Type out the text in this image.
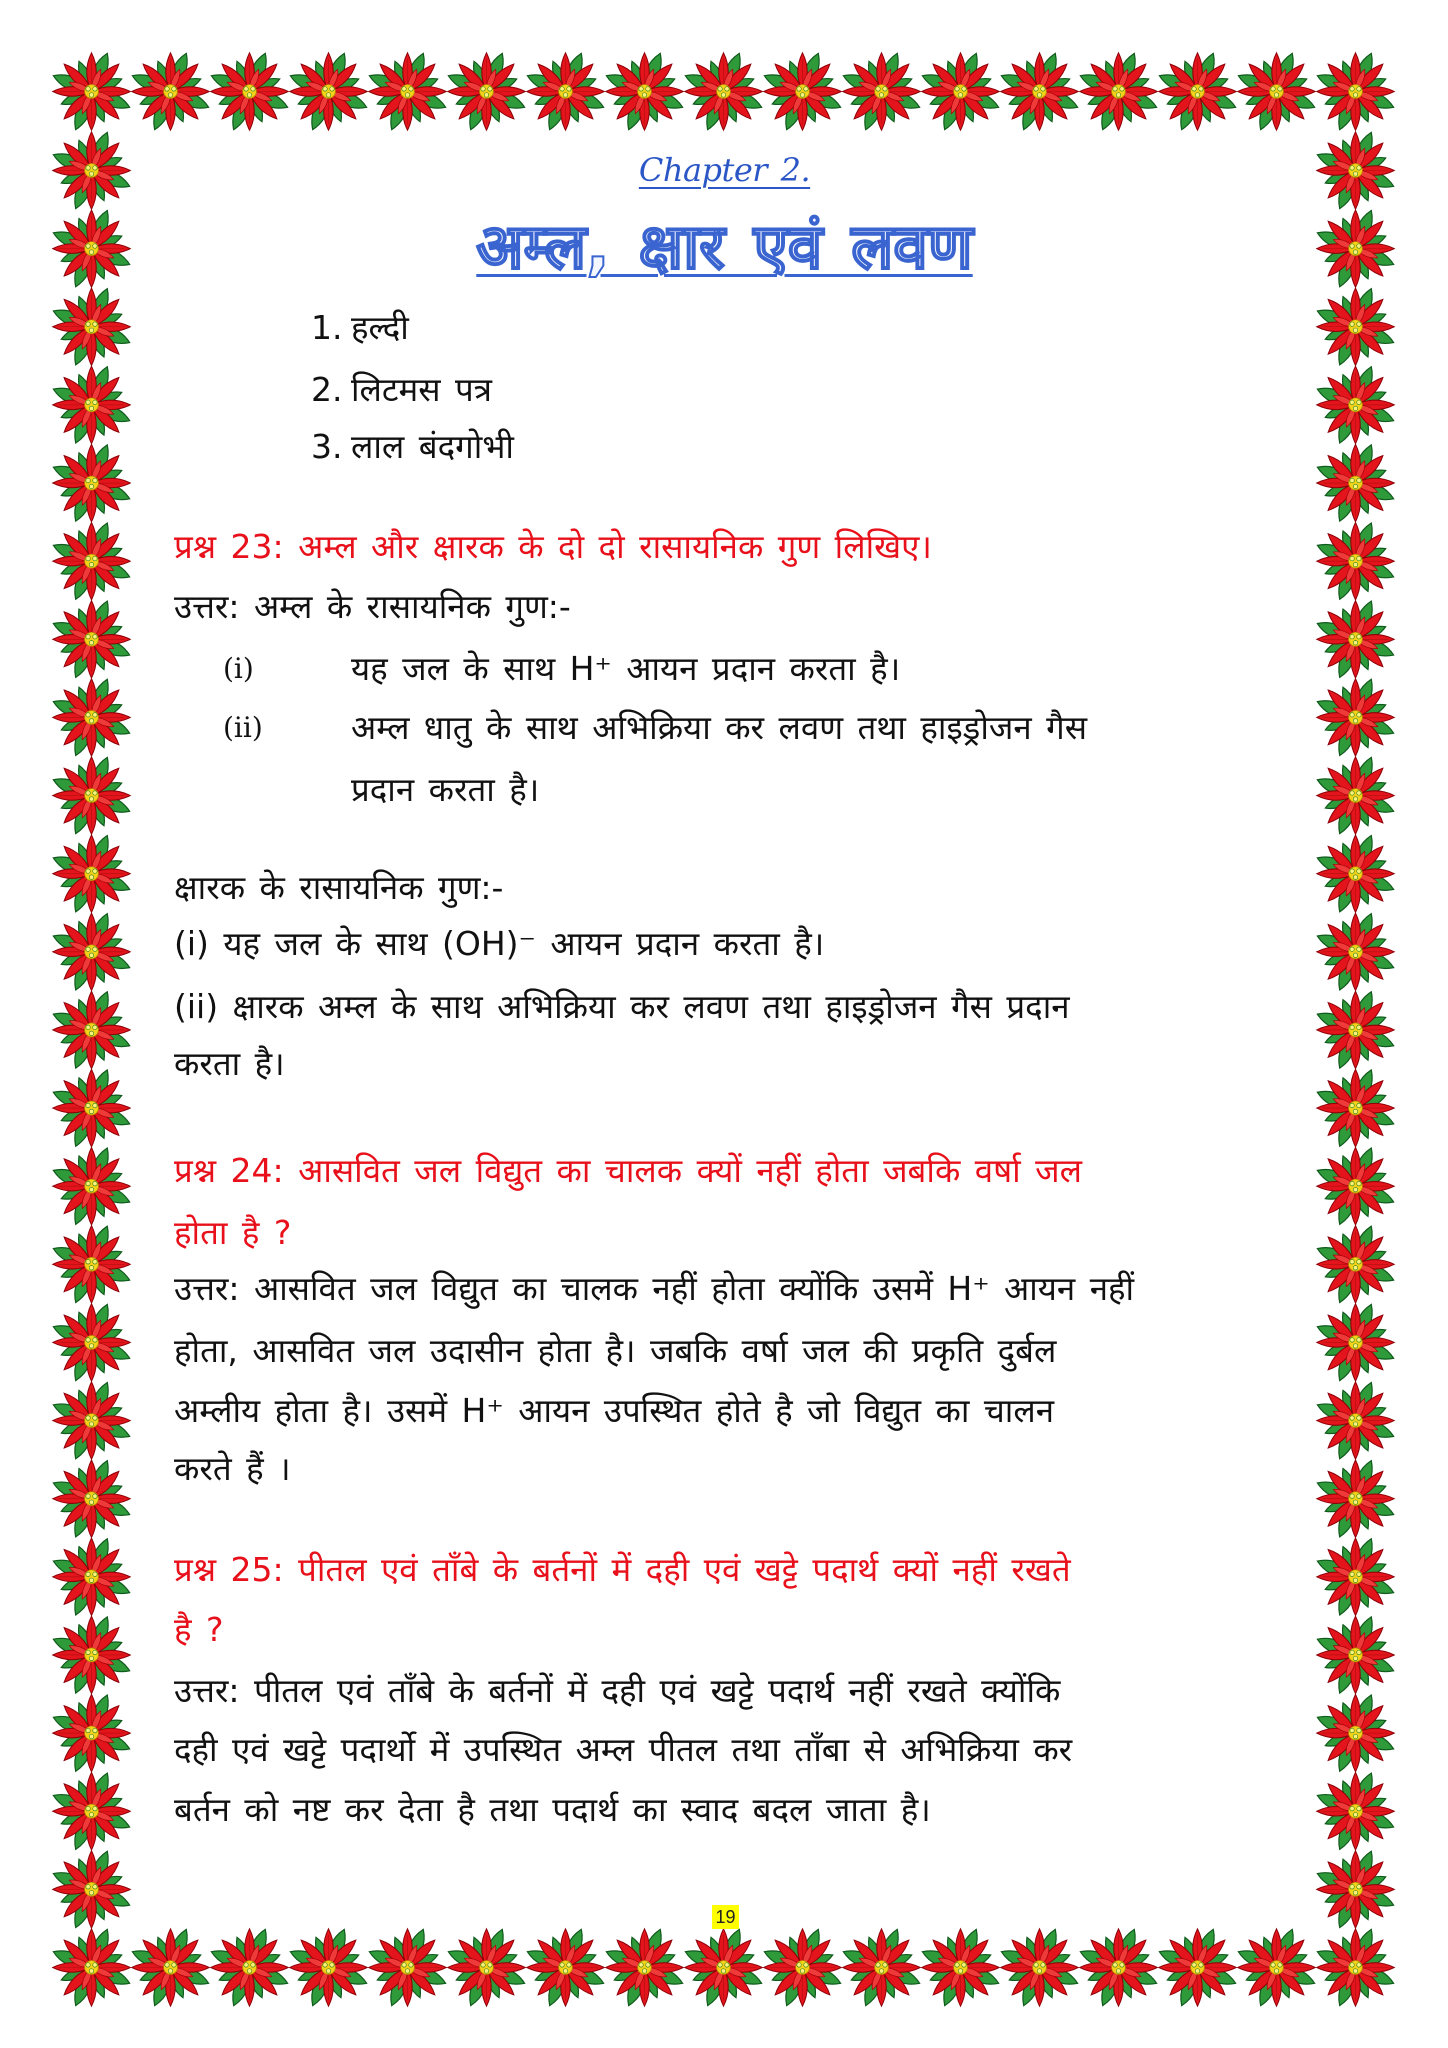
Chapter 2.
अम्ल, क्षार एवं लवण
1. हल्दी
2. लिटमस पत्र
3. लाल बंदगोभी
प्रश्न 23: अम्ल और क्षारक के दो दो रासायनिक गुण लिखिए।
उत्तर: अम्ल के रासायनिक गुण:-
(i)	यह जल के साथ H⁺ आयन प्रदान करता है।
(ii)	अम्ल धातु के साथ अभिक्रिया कर लवण तथा हाइड्रोजन गैस
प्रदान करता है।
क्षारक के रासायनिक गुण:-
(i) यह जल के साथ (OH)⁻ आयन प्रदान करता है।
(ii) क्षारक अम्ल के साथ अभिक्रिया कर लवण तथा हाइड्रोजन गैस प्रदान
करता है।
प्रश्न 24: आसवित जल विद्युत का चालक क्यों नहीं होता जबकि वर्षा जल
होता है ?
उत्तर: आसवित जल विद्युत का चालक नहीं होता क्योंकि उसमें H⁺ आयन नहीं
होता, आसवित जल उदासीन होता है। जबकि वर्षा जल की प्रकृति दुर्बल
अम्लीय होता है। उसमें H⁺ आयन उपस्थित होते है जो विद्युत का चालन
करते हैं ।
प्रश्न 25: पीतल एवं ताँबे के बर्तनों में दही एवं खट्टे पदार्थ क्यों नहीं रखते
है ?
उत्तर: पीतल एवं ताँबे के बर्तनों में दही एवं खट्टे पदार्थ नहीं रखते क्योंकि
दही एवं खट्टे पदार्थो में उपस्थित अम्ल पीतल तथा ताँबा से अभिक्रिया कर
बर्तन को नष्ट कर देता है तथा पदार्थ का स्वाद बदल जाता है।
19
